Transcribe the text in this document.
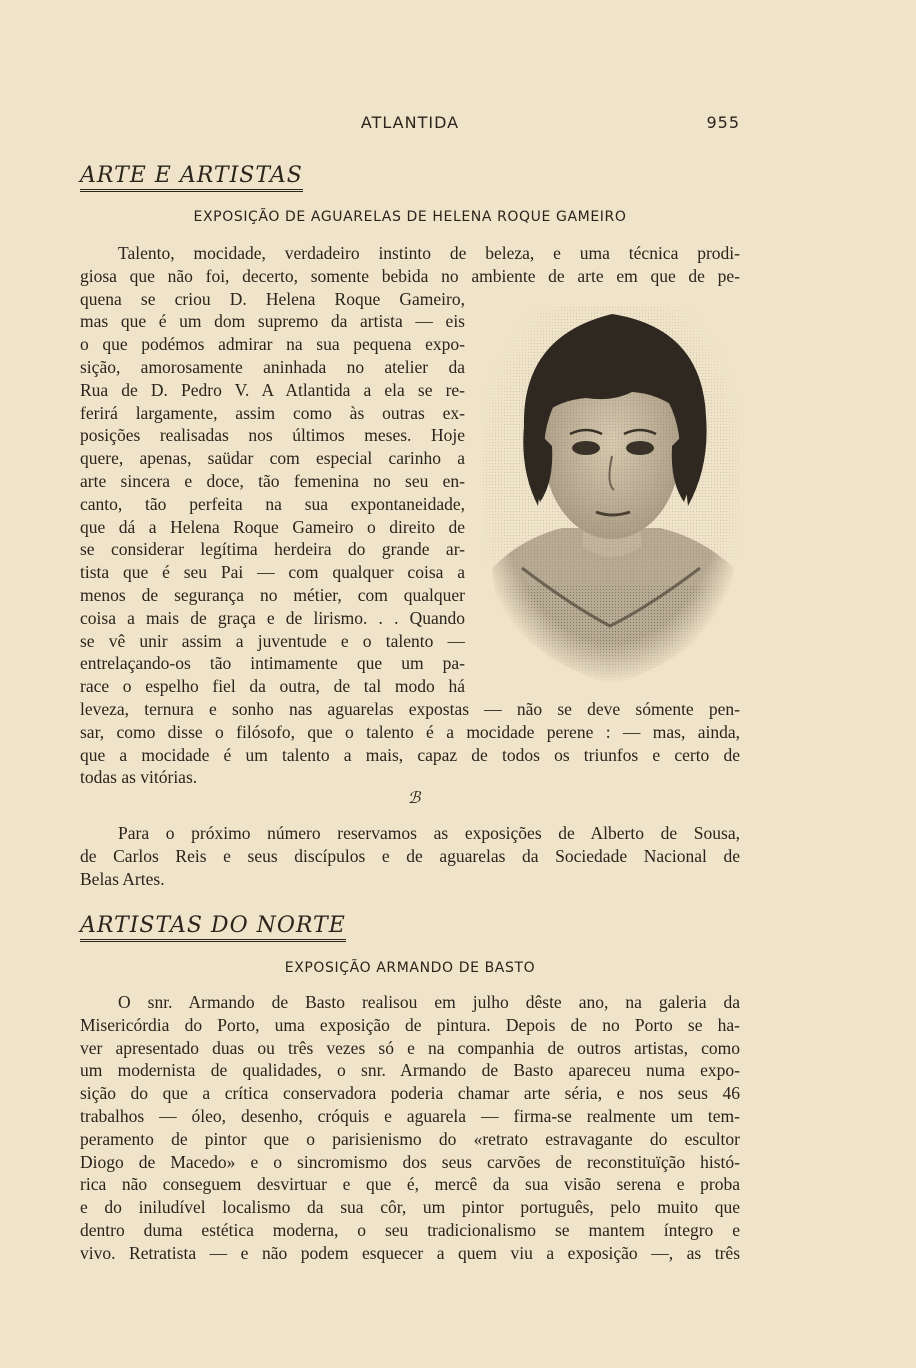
ATLANTIDA	955
ARTE E ARTISTAS
EXPOSIÇÃO DE AGUARELAS DE HELENA ROQUE GAMEIRO
Talento, mocidade, verdadeiro instinto de beleza, e uma técnica prodi-
giosa que não foi, decerto, somente bebida no ambiente de arte em que de pe-
quena se criou D. Helena Roque Gameiro,
mas que é um dom supremo da artista — eis
o que podémos admirar na sua pequena expo-
sição, amorosamente aninhada no atelier da
Rua de D. Pedro V. A Atlantida a ela se re-
ferirá largamente, assim como às outras ex-
posições realisadas nos últimos meses. Hoje
quere, apenas, saüdar com especial carinho a
arte sincera e doce, tão femenina no seu en-
canto, tão perfeita na sua expontaneidade,
que dá a Helena Roque Gameiro o direito de
se considerar legítima herdeira do grande ar-
tista que é seu Pai — com qualquer coisa a
menos de segurança no métier, com qualquer
coisa a mais de graça e de lirismo. . . Quando
se vê unir assim a juventude e o talento —
entrelaçando-os tão intimamente que um pa-
race o espelho fiel da outra, de tal modo há
leveza, ternura e sonho nas aguarelas expostas — não se deve sómente pen-
sar, como disse o filósofo, que o talento é a mocidade perene : — mas, ainda,
que a mocidade é um talento a mais, capaz de todos os triunfos e certo de
todas as vitórias.
ℬ
Para o próximo número reservamos as exposições de Alberto de Sousa,
de Carlos Reis e seus discípulos e de aguarelas da Sociedade Nacional de
Belas Artes.
ARTISTAS DO NORTE
EXPOSIÇÃO ARMANDO DE BASTO
O snr. Armando de Basto realisou em julho dêste ano, na galeria da
Misericórdia do Porto, uma exposição de pintura. Depois de no Porto se ha-
ver apresentado duas ou três vezes só e na companhia de outros artistas, como
um modernista de qualidades, o snr. Armando de Basto apareceu numa expo-
sição do que a crítica conservadora poderia chamar arte séria, e nos seus 46
trabalhos — óleo, desenho, cróquis e aguarela — firma-se realmente um tem-
peramento de pintor que o parisienismo do «retrato estravagante do escultor
Diogo de Macedo» e o sincromismo dos seus carvões de reconstituïção histó-
rica não conseguem desvirtuar e que é, mercê da sua visão serena e proba
e do iniludível localismo da sua côr, um pintor português, pelo muito que
dentro duma estética moderna, o seu tradicionalismo se mantem íntegro e
vivo. Retratista — e não podem esquecer a quem viu a exposição —, as três
